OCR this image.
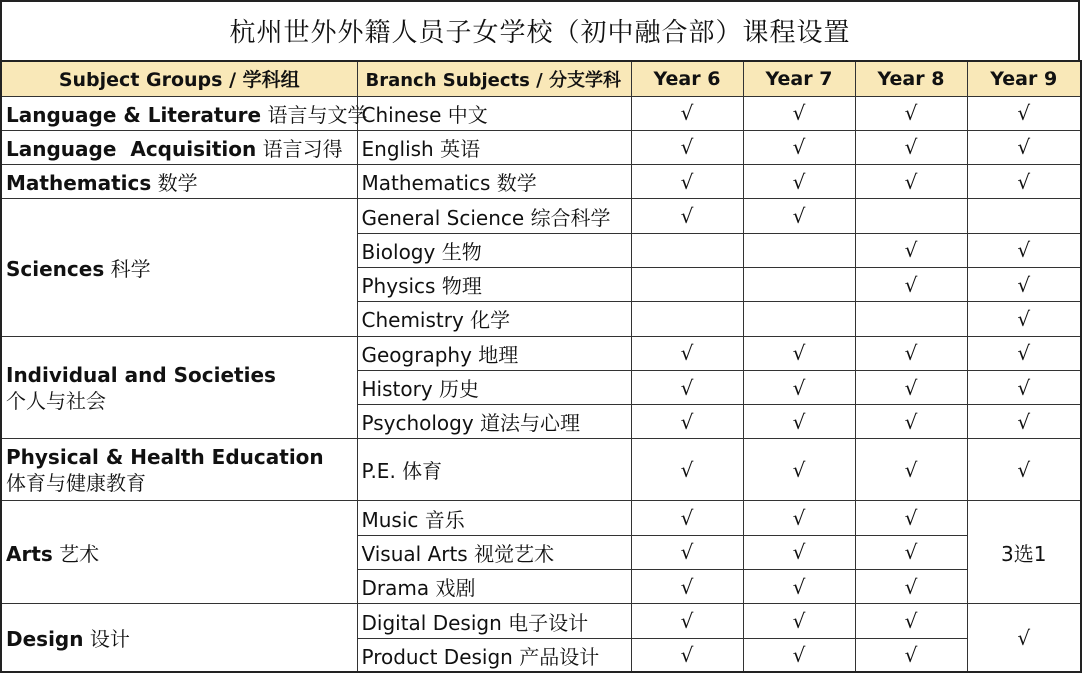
杭州世外外籍人员子女学校（初中融合部）课程设置
Subject Groups / 学科组	Branch Subjects / 分支学科	Year 6	Year 7	Year 8	Year 9
Language & Literature 语言与文学	Chinese 中文	√	√	√	√
Language  Acquisition 语言习得	English 英语	√	√	√	√
Mathematics 数学	Mathematics 数学	√	√	√	√
Sciences 科学	General Science 综合科学	√	√		
	Biology 生物			√	√
	Physics 物理			√	√
	Chemistry 化学				√

Individual and Societies
个人与社会	Geography 地理	√	√	√	√
	History 历史	√	√	√	√
	Psychology 道法与心理	√	√	√	√

Physical & Health Education
体育与健康教育	P.E. 体育	√	√	√	√
Arts 艺术	Music 音乐	√	√	√	3选1
	Visual Arts 视觉艺术	√	√	√	
	Drama 戏剧	√	√	√	
Design 设计	Digital Design 电子设计	√	√	√	√
	Product Design 产品设计	√	√	√	
